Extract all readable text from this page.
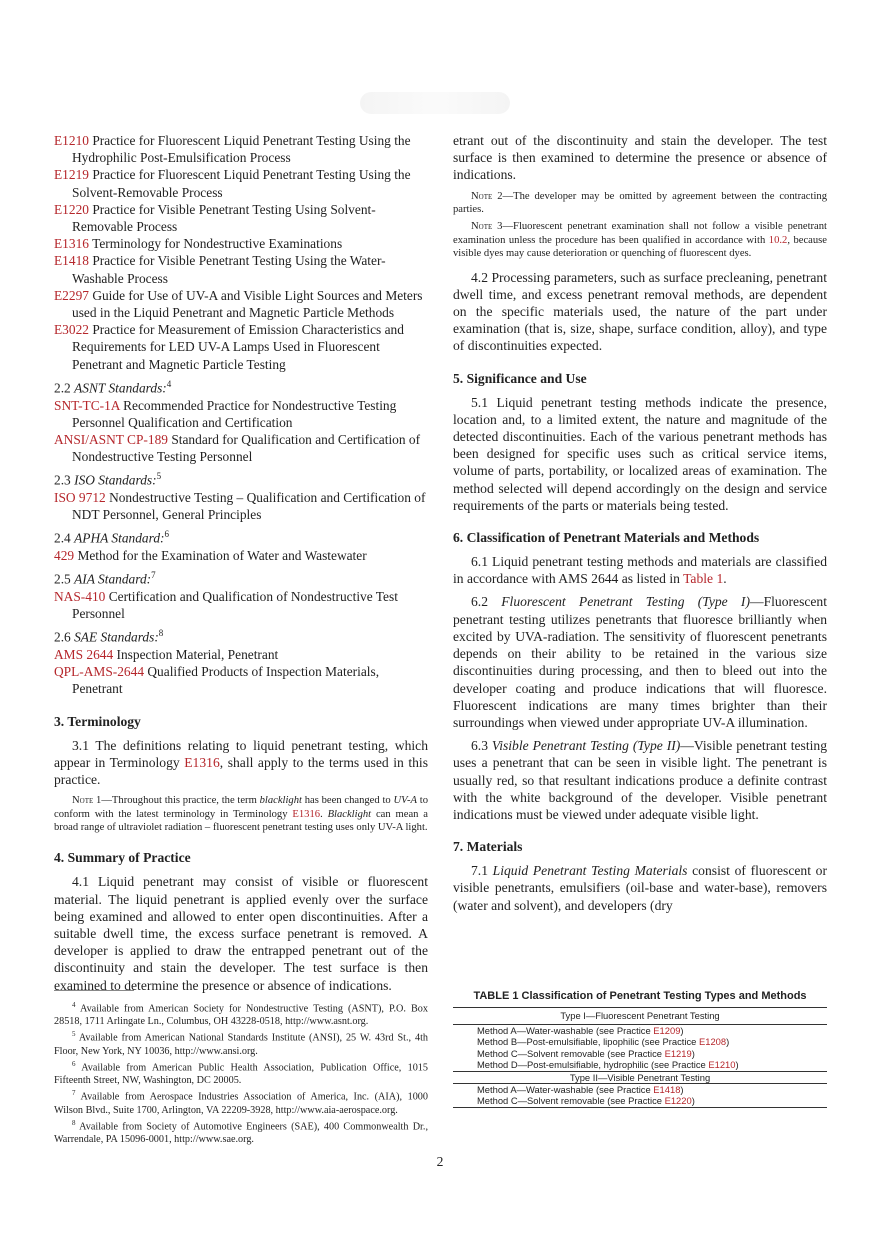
E1210 Practice for Fluorescent Liquid Penetrant Testing Using the Hydrophilic Post-Emulsification Process

E1219 Practice for Fluorescent Liquid Penetrant Testing Using the Solvent-Removable Process

E1220 Practice for Visible Penetrant Testing Using Solvent-Removable Process

E1316 Terminology for Nondestructive Examinations

E1418 Practice for Visible Penetrant Testing Using the Water-Washable Process

E2297 Guide for Use of UV-A and Visible Light Sources and Meters used in the Liquid Penetrant and Magnetic Particle Methods

E3022 Practice for Measurement of Emission Characteristics and Requirements for LED UV-A Lamps Used in Fluorescent Penetrant and Magnetic Particle Testing

2.2 ASNT Standards:$^4$

SNT-TC-1A Recommended Practice for Nondestructive Testing Personnel Qualification and Certification

ANSI/ASNT CP-189 Standard for Qualification and Certification of Nondestructive Testing Personnel

2.3 ISO Standards:$^5$

ISO 9712 Nondestructive Testing – Qualification and Certification of NDT Personnel, General Principles

2.4 APHA Standard:$^6$

429 Method for the Examination of Water and Wastewater

2.5 AIA Standard:$^7$

NAS-410 Certification and Qualification of Nondestructive Test Personnel

2.6 SAE Standards:$^8$

AMS 2644 Inspection Material, Penetrant

QPL-AMS-2644 Qualified Products of Inspection Materials, Penetrant

3. Terminology

3.1 The definitions relating to liquid penetrant testing, which appear in Terminology E1316, shall apply to the terms used in this practice.

Note 1—Throughout this practice, the term blacklight has been changed to UV-A to conform with the latest terminology in Terminology E1316. Blacklight can mean a broad range of ultraviolet radiation – fluorescent penetrant testing uses only UV-A light.

4. Summary of Practice

4.1 Liquid penetrant may consist of visible or fluorescent material. The liquid penetrant is applied evenly over the surface being examined and allowed to enter open discontinuities. After a suitable dwell time, the excess surface penetrant is removed. A developer is applied to draw the entrapped penetrant out of the discontinuity and stain the developer. The test surface is then examined to determine the presence or absence of indications.

etrant out of the discontinuity and stain the developer. The test surface is then examined to determine the presence or absence of indications.

Note 2—The developer may be omitted by agreement between the contracting parties.

Note 3—Fluorescent penetrant examination shall not follow a visible penetrant examination unless the procedure has been qualified in accordance with 10.2, because visible dyes may cause deterioration or quenching of fluorescent dyes.

4.2 Processing parameters, such as surface precleaning, penetrant dwell time, and excess penetrant removal methods, are dependent on the specific materials used, the nature of the part under examination (that is, size, shape, surface condition, alloy), and type of discontinuities expected.

5. Significance and Use

5.1 Liquid penetrant testing methods indicate the presence, location and, to a limited extent, the nature and magnitude of the detected discontinuities. Each of the various penetrant methods has been designed for specific uses such as critical service items, volume of parts, portability, or localized areas of examination. The method selected will depend accordingly on the design and service requirements of the parts or materials being tested.

6. Classification of Penetrant Materials and Methods

6.1 Liquid penetrant testing methods and materials are classified in accordance with AMS 2644 as listed in Table 1.

6.2 Fluorescent Penetrant Testing (Type I)—Fluorescent penetrant testing utilizes penetrants that fluoresce brilliantly when excited by UVA-radiation. The sensitivity of fluorescent penetrants depends on their ability to be retained in the various size discontinuities during processing, and then to bleed out into the developer coating and produce indications that will fluoresce. Fluorescent indications are many times brighter than their surroundings when viewed under appropriate UV-A illumination.

6.3 Visible Penetrant Testing (Type II)—Visible penetrant testing uses a penetrant that can be seen in visible light. The penetrant is usually red, so that resultant indications produce a definite contrast with the white background of the developer. Visible penetrant indications must be viewed under adequate visible light.

7. Materials

7.1 Liquid Penetrant Testing Materials consist of fluorescent or visible penetrants, emulsifiers (oil-base and water-base), removers (water and solvent), and developers (dry

$^4$ Available from American Society for Nondestructive Testing (ASNT), P.O. Box 28518, 1711 Arlingate Ln., Columbus, OH 43228-0518, http://www.asnt.org.

$^5$ Available from American National Standards Institute (ANSI), 25 W. 43rd St., 4th Floor, New York, NY 10036, http://www.ansi.org.

$^6$ Available from American Public Health Association, Publication Office, 1015 Fifteenth Street, NW, Washington, DC 20005.

$^7$ Available from Aerospace Industries Association of America, Inc. (AIA), 1000 Wilson Blvd., Suite 1700, Arlington, VA 22209-3928, http://www.aia-aerospace.org.

$^8$ Available from Society of Automotive Engineers (SAE), 400 Commonwealth Dr., Warrendale, PA 15096-0001, http://www.sae.org.

TABLE 1 Classification of Penetrant Testing Types and Methods
Type I—Fluorescent Penetrant Testing
Method A—Water-washable (see Practice E1209)
Method B—Post-emulsifiable, lipophilic (see Practice E1208)
Method C—Solvent removable (see Practice E1219)
Method D—Post-emulsifiable, hydrophilic (see Practice E1210)
Type II—Visible Penetrant Testing
Method A—Water-washable (see Practice E1418)
Method C—Solvent removable (see Practice E1220)
2
